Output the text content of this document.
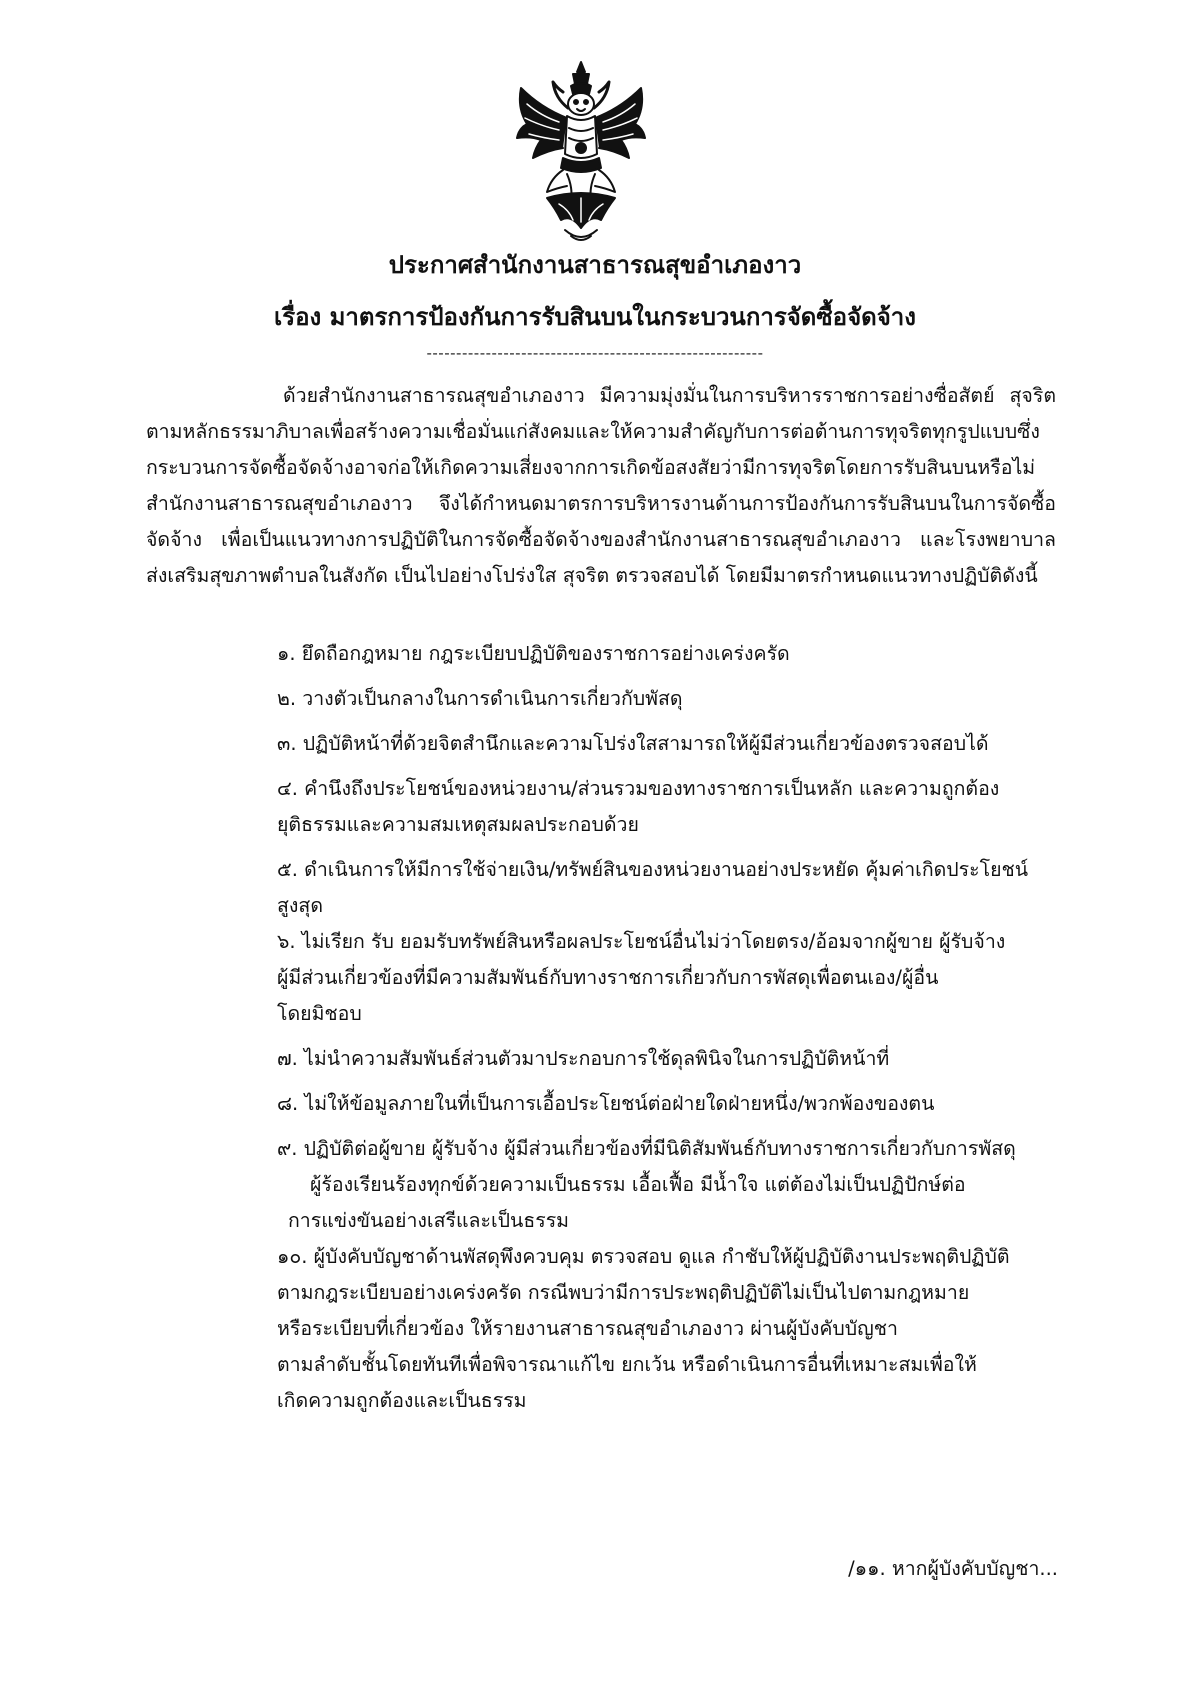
ประกาศสำนักงานสาธารณสุขอำเภองาว
เรื่อง มาตรการป้องกันการรับสินบนในกระบวนการจัดซื้อจัดจ้าง
---------------------------------------------------------
ด้วยสำนักงานสาธารณสุขอำเภองาว มีความมุ่งมั่นในการบริหารราชการอย่างซื่อสัตย์ สุจริต
ตามหลักธรรมาภิบาลเพื่อสร้างความเชื่อมั่นแก่สังคมและให้ความสำคัญกับการต่อต้านการทุจริตทุกรูปแบบซึ่ง
กระบวนการจัดซื้อจัดจ้างอาจก่อให้เกิดความเสี่ยงจากการเกิดข้อสงสัยว่ามีการทุจริตโดยการรับสินบนหรือไม่
สำนักงานสาธารณสุขอำเภองาว จึงได้กำหนดมาตรการบริหารงานด้านการป้องกันการรับสินบนในการจัดซื้อ
จัดจ้าง เพื่อเป็นแนวทางการปฏิบัติในการจัดซื้อจัดจ้างของสำนักงานสาธารณสุขอำเภองาว และโรงพยาบาล
ส่งเสริมสุขภาพตำบลในสังกัด เป็นไปอย่างโปร่งใส สุจริต ตรวจสอบได้ โดยมีมาตรกำหนดแนวทางปฏิบัติดังนี้
๑. ยึดถือกฎหมาย กฎระเบียบปฏิบัติของราชการอย่างเคร่งครัด
๒. วางตัวเป็นกลางในการดำเนินการเกี่ยวกับพัสดุ
๓. ปฏิบัติหน้าที่ด้วยจิตสำนึกและความโปร่งใสสามารถให้ผู้มีส่วนเกี่ยวข้องตรวจสอบได้
๔. คำนึงถึงประโยชน์ของหน่วยงาน/ส่วนรวมของทางราชการเป็นหลัก และความถูกต้อง
ยุติธรรมและความสมเหตุสมผลประกอบด้วย
๕. ดำเนินการให้มีการใช้จ่ายเงิน/ทรัพย์สินของหน่วยงานอย่างประหยัด คุ้มค่าเกิดประโยชน์
สูงสุด
๖. ไม่เรียก รับ ยอมรับทรัพย์สินหรือผลประโยชน์อื่นไม่ว่าโดยตรง/อ้อมจากผู้ขาย ผู้รับจ้าง
ผู้มีส่วนเกี่ยวข้องที่มีความสัมพันธ์กับทางราชการเกี่ยวกับการพัสดุเพื่อตนเอง/ผู้อื่น
โดยมิชอบ
๗. ไม่นำความสัมพันธ์ส่วนตัวมาประกอบการใช้ดุลพินิจในการปฏิบัติหน้าที่
๘. ไม่ให้ข้อมูลภายในที่เป็นการเอื้อประโยชน์ต่อฝ่ายใดฝ่ายหนึ่ง/พวกพ้องของตน
๙. ปฏิบัติต่อผู้ขาย ผู้รับจ้าง ผู้มีส่วนเกี่ยวข้องที่มีนิติสัมพันธ์กับทางราชการเกี่ยวกับการพัสดุ
ผู้ร้องเรียนร้องทุกข์ด้วยความเป็นธรรม เอื้อเฟื้อ มีน้ำใจ แต่ต้องไม่เป็นปฏิปักษ์ต่อ
การแข่งขันอย่างเสรีและเป็นธรรม
๑๐. ผู้บังคับบัญชาด้านพัสดุพึงควบคุม ตรวจสอบ ดูแล กำชับให้ผู้ปฏิบัติงานประพฤติปฏิบัติ
ตามกฎระเบียบอย่างเคร่งครัด กรณีพบว่ามีการประพฤติปฏิบัติไม่เป็นไปตามกฎหมาย
หรือระเบียบที่เกี่ยวข้อง ให้รายงานสาธารณสุขอำเภองาว ผ่านผู้บังคับบัญชา
ตามลำดับชั้นโดยทันทีเพื่อพิจารณาแก้ไข ยกเว้น หรือดำเนินการอื่นที่เหมาะสมเพื่อให้
เกิดความถูกต้องและเป็นธรรม
/๑๑. หากผู้บังคับบัญชา...
